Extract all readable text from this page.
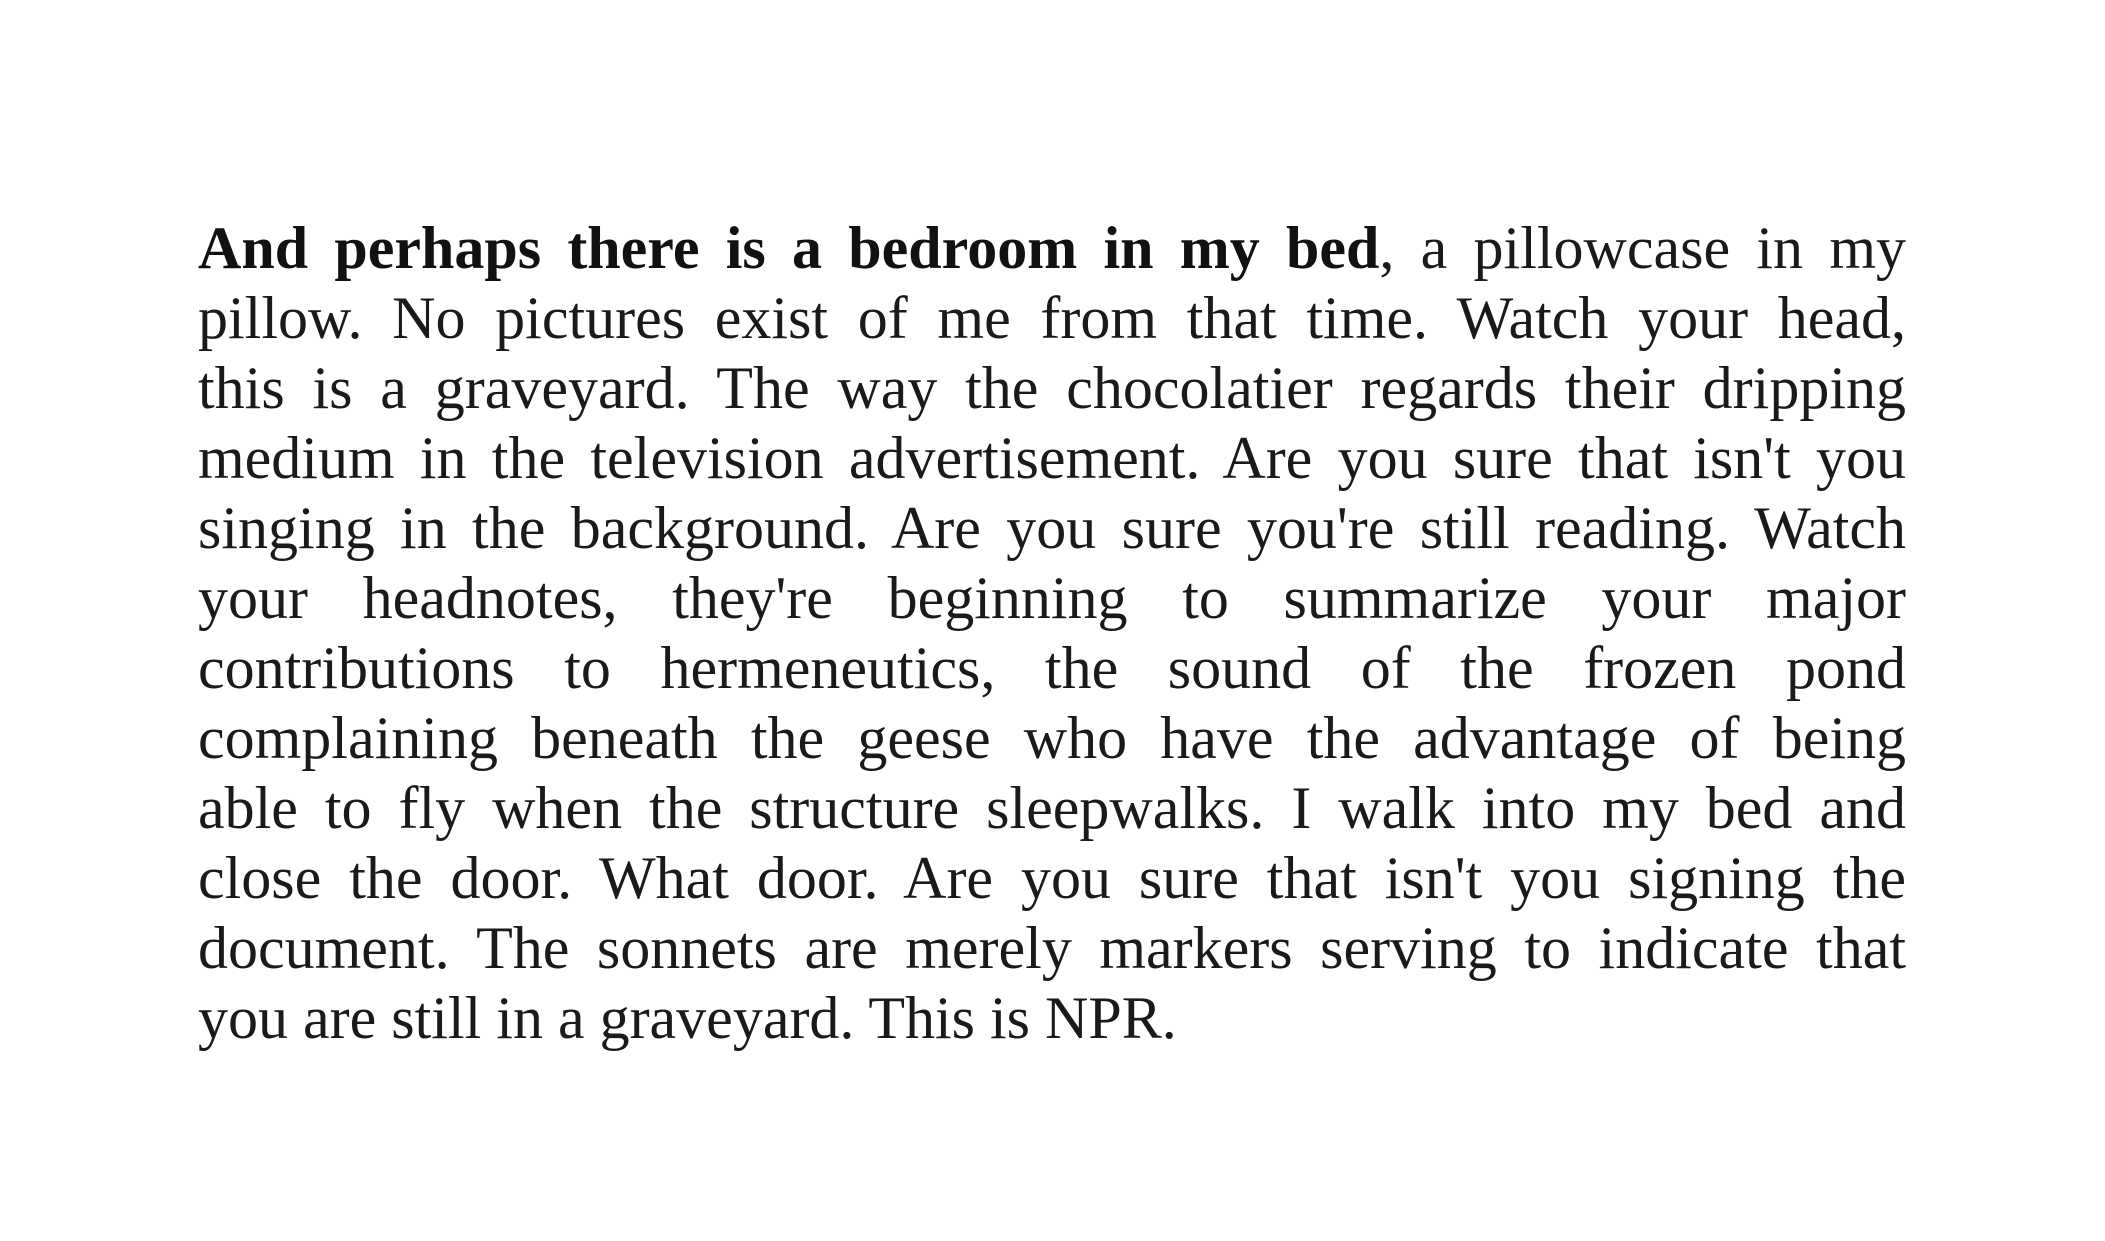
And perhaps there is a bedroom in my bed, a pillowcase in my
pillow. No pictures exist of me from that time. Watch your head,
this is a graveyard. The way the chocolatier regards their dripping
medium in the television advertisement. Are you sure that isn't you
singing in the background. Are you sure you're still reading. Watch
your headnotes, they're beginning to summarize your major
contributions to hermeneutics, the sound of the frozen pond
complaining beneath the geese who have the advantage of being
able to fly when the structure sleepwalks. I walk into my bed and
close the door. What door. Are you sure that isn't you signing the
document. The sonnets are merely markers serving to indicate that
you are still in a graveyard. This is NPR.
